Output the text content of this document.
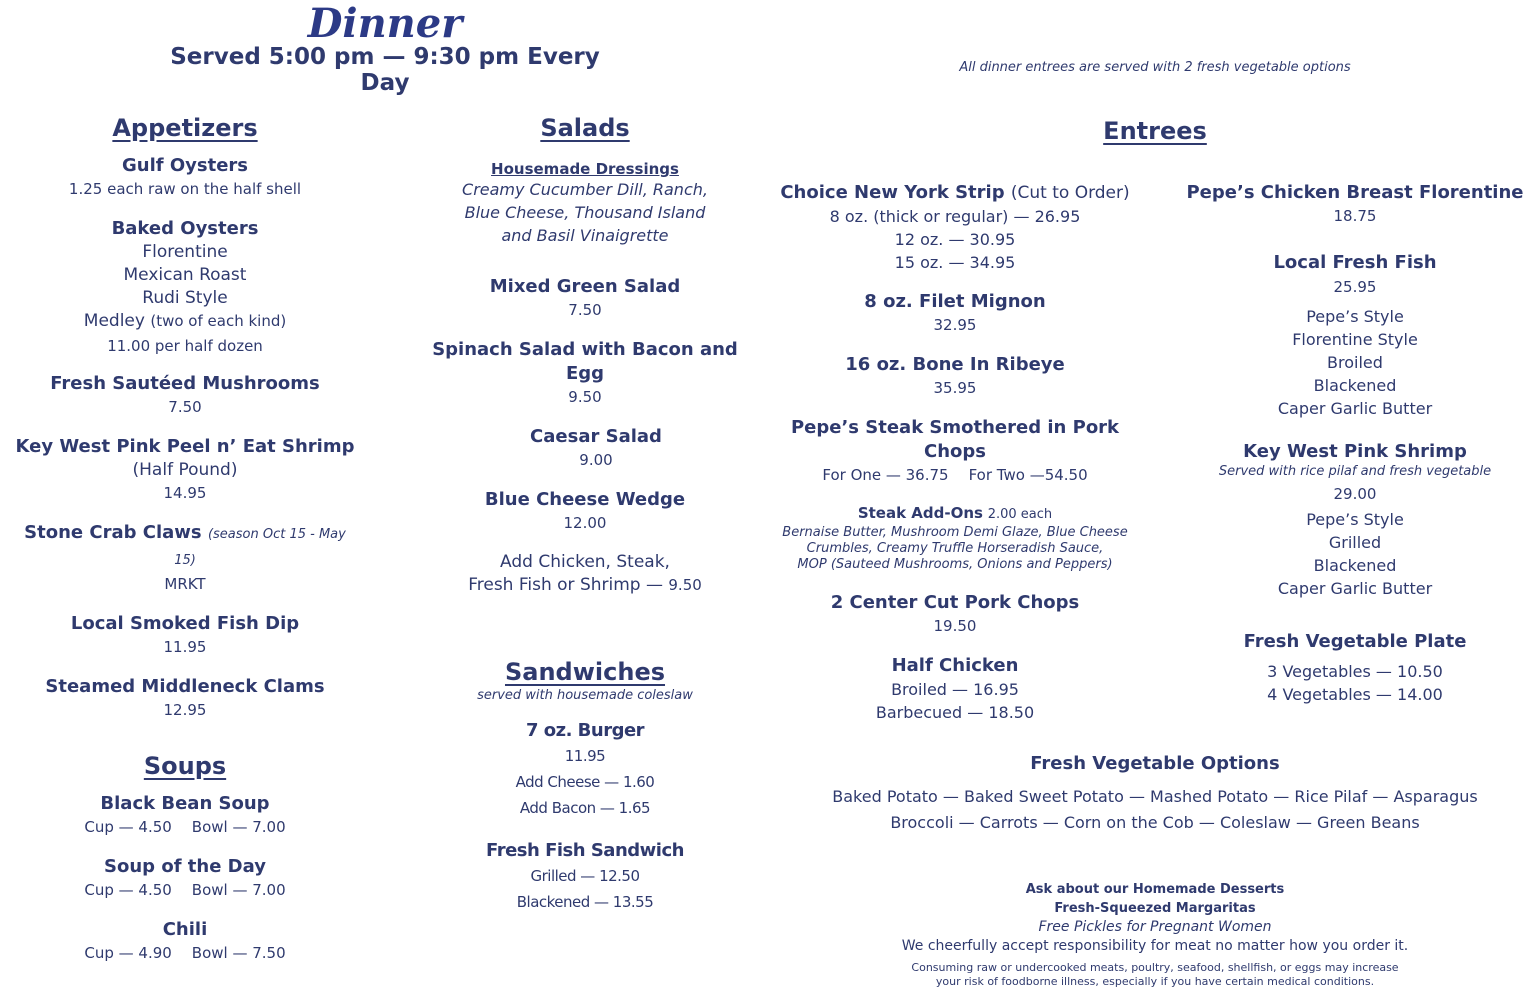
Dinner
Served 5:00 pm — 9:30 pm Every Day
All dinner entrees are served with 2 fresh vegetable options
Appetizers
Gulf Oysters
1.25 each raw on the half shell
Baked Oysters
Florentine
Mexican Roast
Rudi Style
Medley (two of each kind)
11.00 per half dozen
Fresh Sautéed Mushrooms
7.50
Key West Pink Peel n’ Eat Shrimp
(Half Pound)
14.95
Stone Crab Claws (season Oct 15 - May 15)
MRKT
Local Smoked Fish Dip
11.95
Steamed Middleneck Clams
12.95
Soups
Black Bean Soup
Cup — 4.50 Bowl — 7.00
Soup of the Day
Cup — 4.50 Bowl — 7.00
Chili
Cup — 4.90 Bowl — 7.50
Salads
Housemade Dressings
Creamy Cucumber Dill, Ranch,
Blue Cheese, Thousand Island
and Basil Vinaigrette
Mixed Green Salad
7.50
Spinach Salad with Bacon and Egg
9.50
Caesar Salad
9.00
Blue Cheese Wedge
12.00
Add Chicken, Steak,
Fresh Fish or Shrimp — 9.50
Sandwiches
served with housemade coleslaw
7 oz. Burger
11.95
Add Cheese — 1.60
Add Bacon — 1.65
Fresh Fish Sandwich
Grilled — 12.50
Blackened — 13.55
Entrees
Choice New York Strip (Cut to Order)
8 oz. (thick or regular) — 26.95
12 oz. — 30.95
15 oz. — 34.95
8 oz. Filet Mignon
32.95
16 oz. Bone In Ribeye
35.95
Pepe’s Steak Smothered in Pork Chops
For One — 36.75 For Two —54.50
Steak Add-Ons 2.00 each
Bernaise Butter, Mushroom Demi Glaze, Blue Cheese
Crumbles, Creamy Truffle Horseradish Sauce,
MOP (Sauteed Mushrooms, Onions and Peppers)
2 Center Cut Pork Chops
19.50
Half Chicken
Broiled — 16.95
Barbecued — 18.50
Pepe’s Chicken Breast Florentine
18.75
Local Fresh Fish
25.95
Pepe’s Style
Florentine Style
Broiled
Blackened
Caper Garlic Butter
Key West Pink Shrimp
Served with rice pilaf and fresh vegetable
29.00
Pepe’s Style
Grilled
Blackened
Caper Garlic Butter
Fresh Vegetable Plate
3 Vegetables — 10.50
4 Vegetables — 14.00
Fresh Vegetable Options
Baked Potato — Baked Sweet Potato — Mashed Potato — Rice Pilaf — Asparagus
Broccoli — Carrots — Corn on the Cob — Coleslaw — Green Beans
Ask about our Homemade Desserts
Fresh-Squeezed Margaritas
Free Pickles for Pregnant Women
We cheerfully accept responsibility for meat no matter how you order it.
Consuming raw or undercooked meats, poultry, seafood, shellfish, or eggs may increase
your risk of foodborne illness, especially if you have certain medical conditions.
